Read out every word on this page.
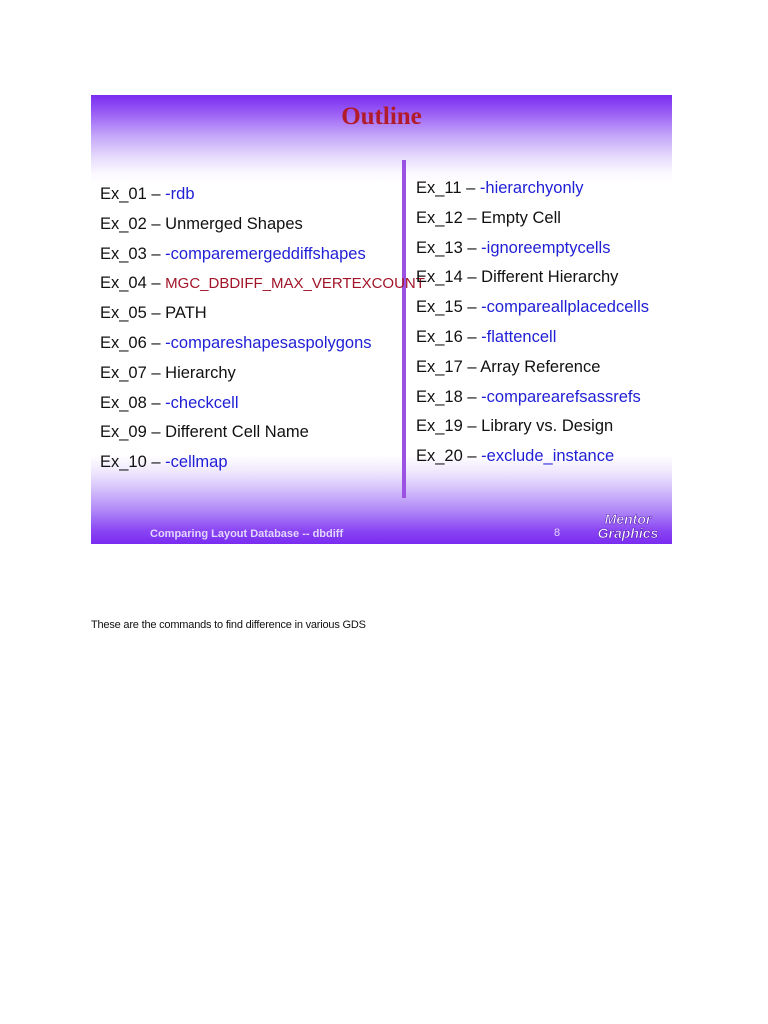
Outline
Ex_01 – -rdb
Ex_02 – Unmerged Shapes
Ex_03 – -comparemergeddiffshapes
Ex_04 – MGC_DBDIFF_MAX_VERTEXCOUNT
Ex_05 – PATH
Ex_06 – -compareshapesaspolygons
Ex_07 – Hierarchy
Ex_08 – -checkcell
Ex_09 – Different Cell Name
Ex_10 – -cellmap
Ex_11 – -hierarchyonly
Ex_12 – Empty Cell
Ex_13 – -ignoreemptycells
Ex_14 – Different Hierarchy
Ex_15 – -compareallplacedcells
Ex_16 – -flattencell
Ex_17 – Array Reference
Ex_18 – -comparearefsassrefs
Ex_19 – Library vs. Design
Ex_20 – -exclude_instance
Comparing Layout Database -- dbdiff	8
Mentor
Graphics
These are the commands to find difference in various GDS
